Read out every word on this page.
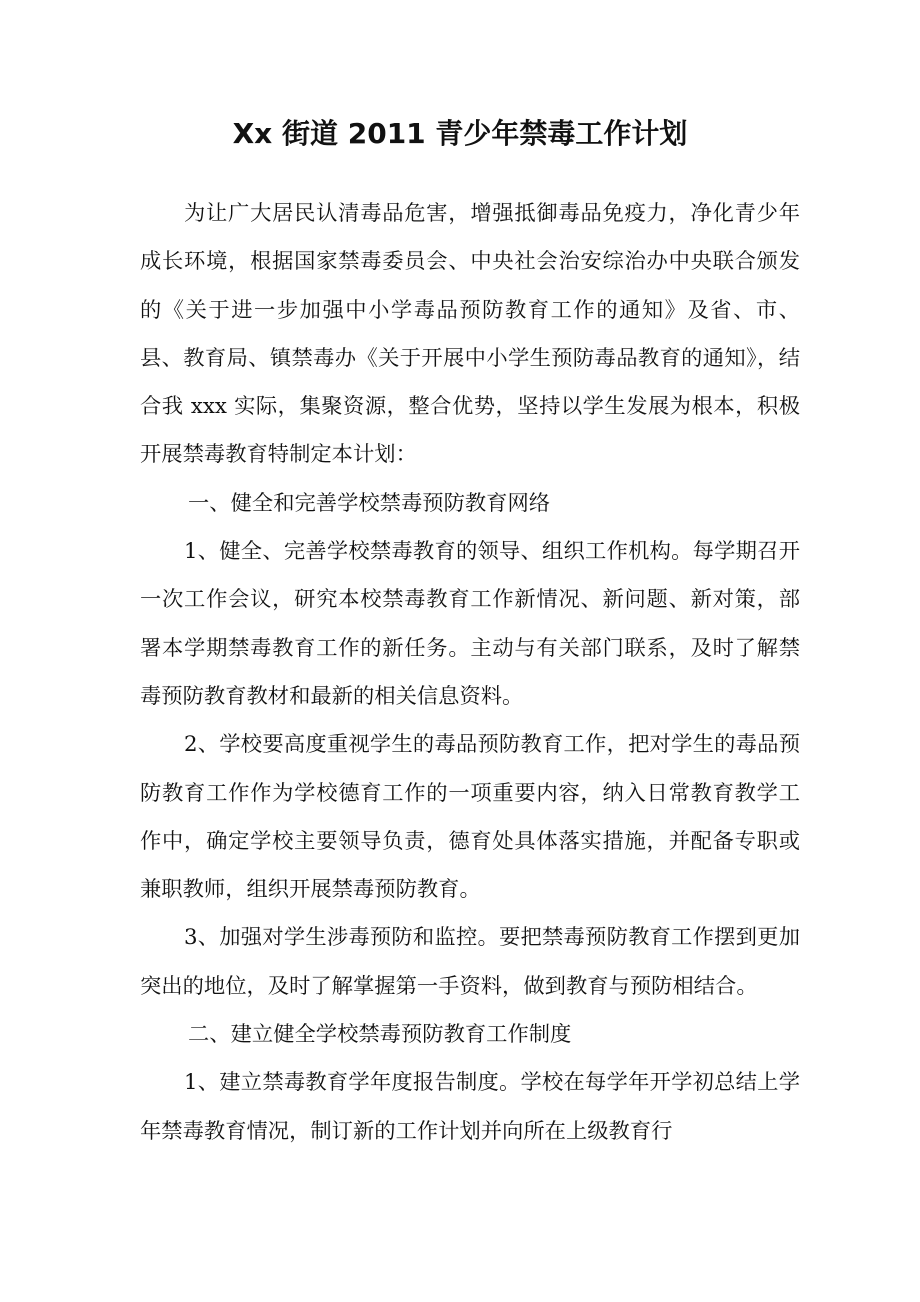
Xx 街道 2011 青少年禁毒工作计划

为让广大居民认清毒品危害，增强抵御毒品免疫力，净化青少年成长环境，根据国家禁毒委员会、中央社会治安综治办中央联合颁发的《关于进一步加强中小学毒品预防教育工作的通知》及省、市、县、教育局、镇禁毒办《关于开展中小学生预防毒品教育的通知》，结合我 xxx 实际，集聚资源，整合优势，坚持以学生发展为根本，积极开展禁毒教育特制定本计划：

一、健全和完善学校禁毒预防教育网络

1、健全、完善学校禁毒教育的领导、组织工作机构。每学期召开一次工作会议，研究本校禁毒教育工作新情况、新问题、新对策，部署本学期禁毒教育工作的新任务。主动与有关部门联系，及时了解禁毒预防教育教材和最新的相关信息资料。

2、学校要高度重视学生的毒品预防教育工作，把对学生的毒品预防教育工作作为学校德育工作的一项重要内容，纳入日常教育教学工作中，确定学校主要领导负责，德育处具体落实措施，并配备专职或兼职教师，组织开展禁毒预防教育。

3、加强对学生涉毒预防和监控。要把禁毒预防教育工作摆到更加突出的地位，及时了解掌握第一手资料，做到教育与预防相结合。

二、建立健全学校禁毒预防教育工作制度

1、建立禁毒教育学年度报告制度。学校在每学年开学初总结上学年禁毒教育情况，制订新的工作计划并向所在上级教育行
